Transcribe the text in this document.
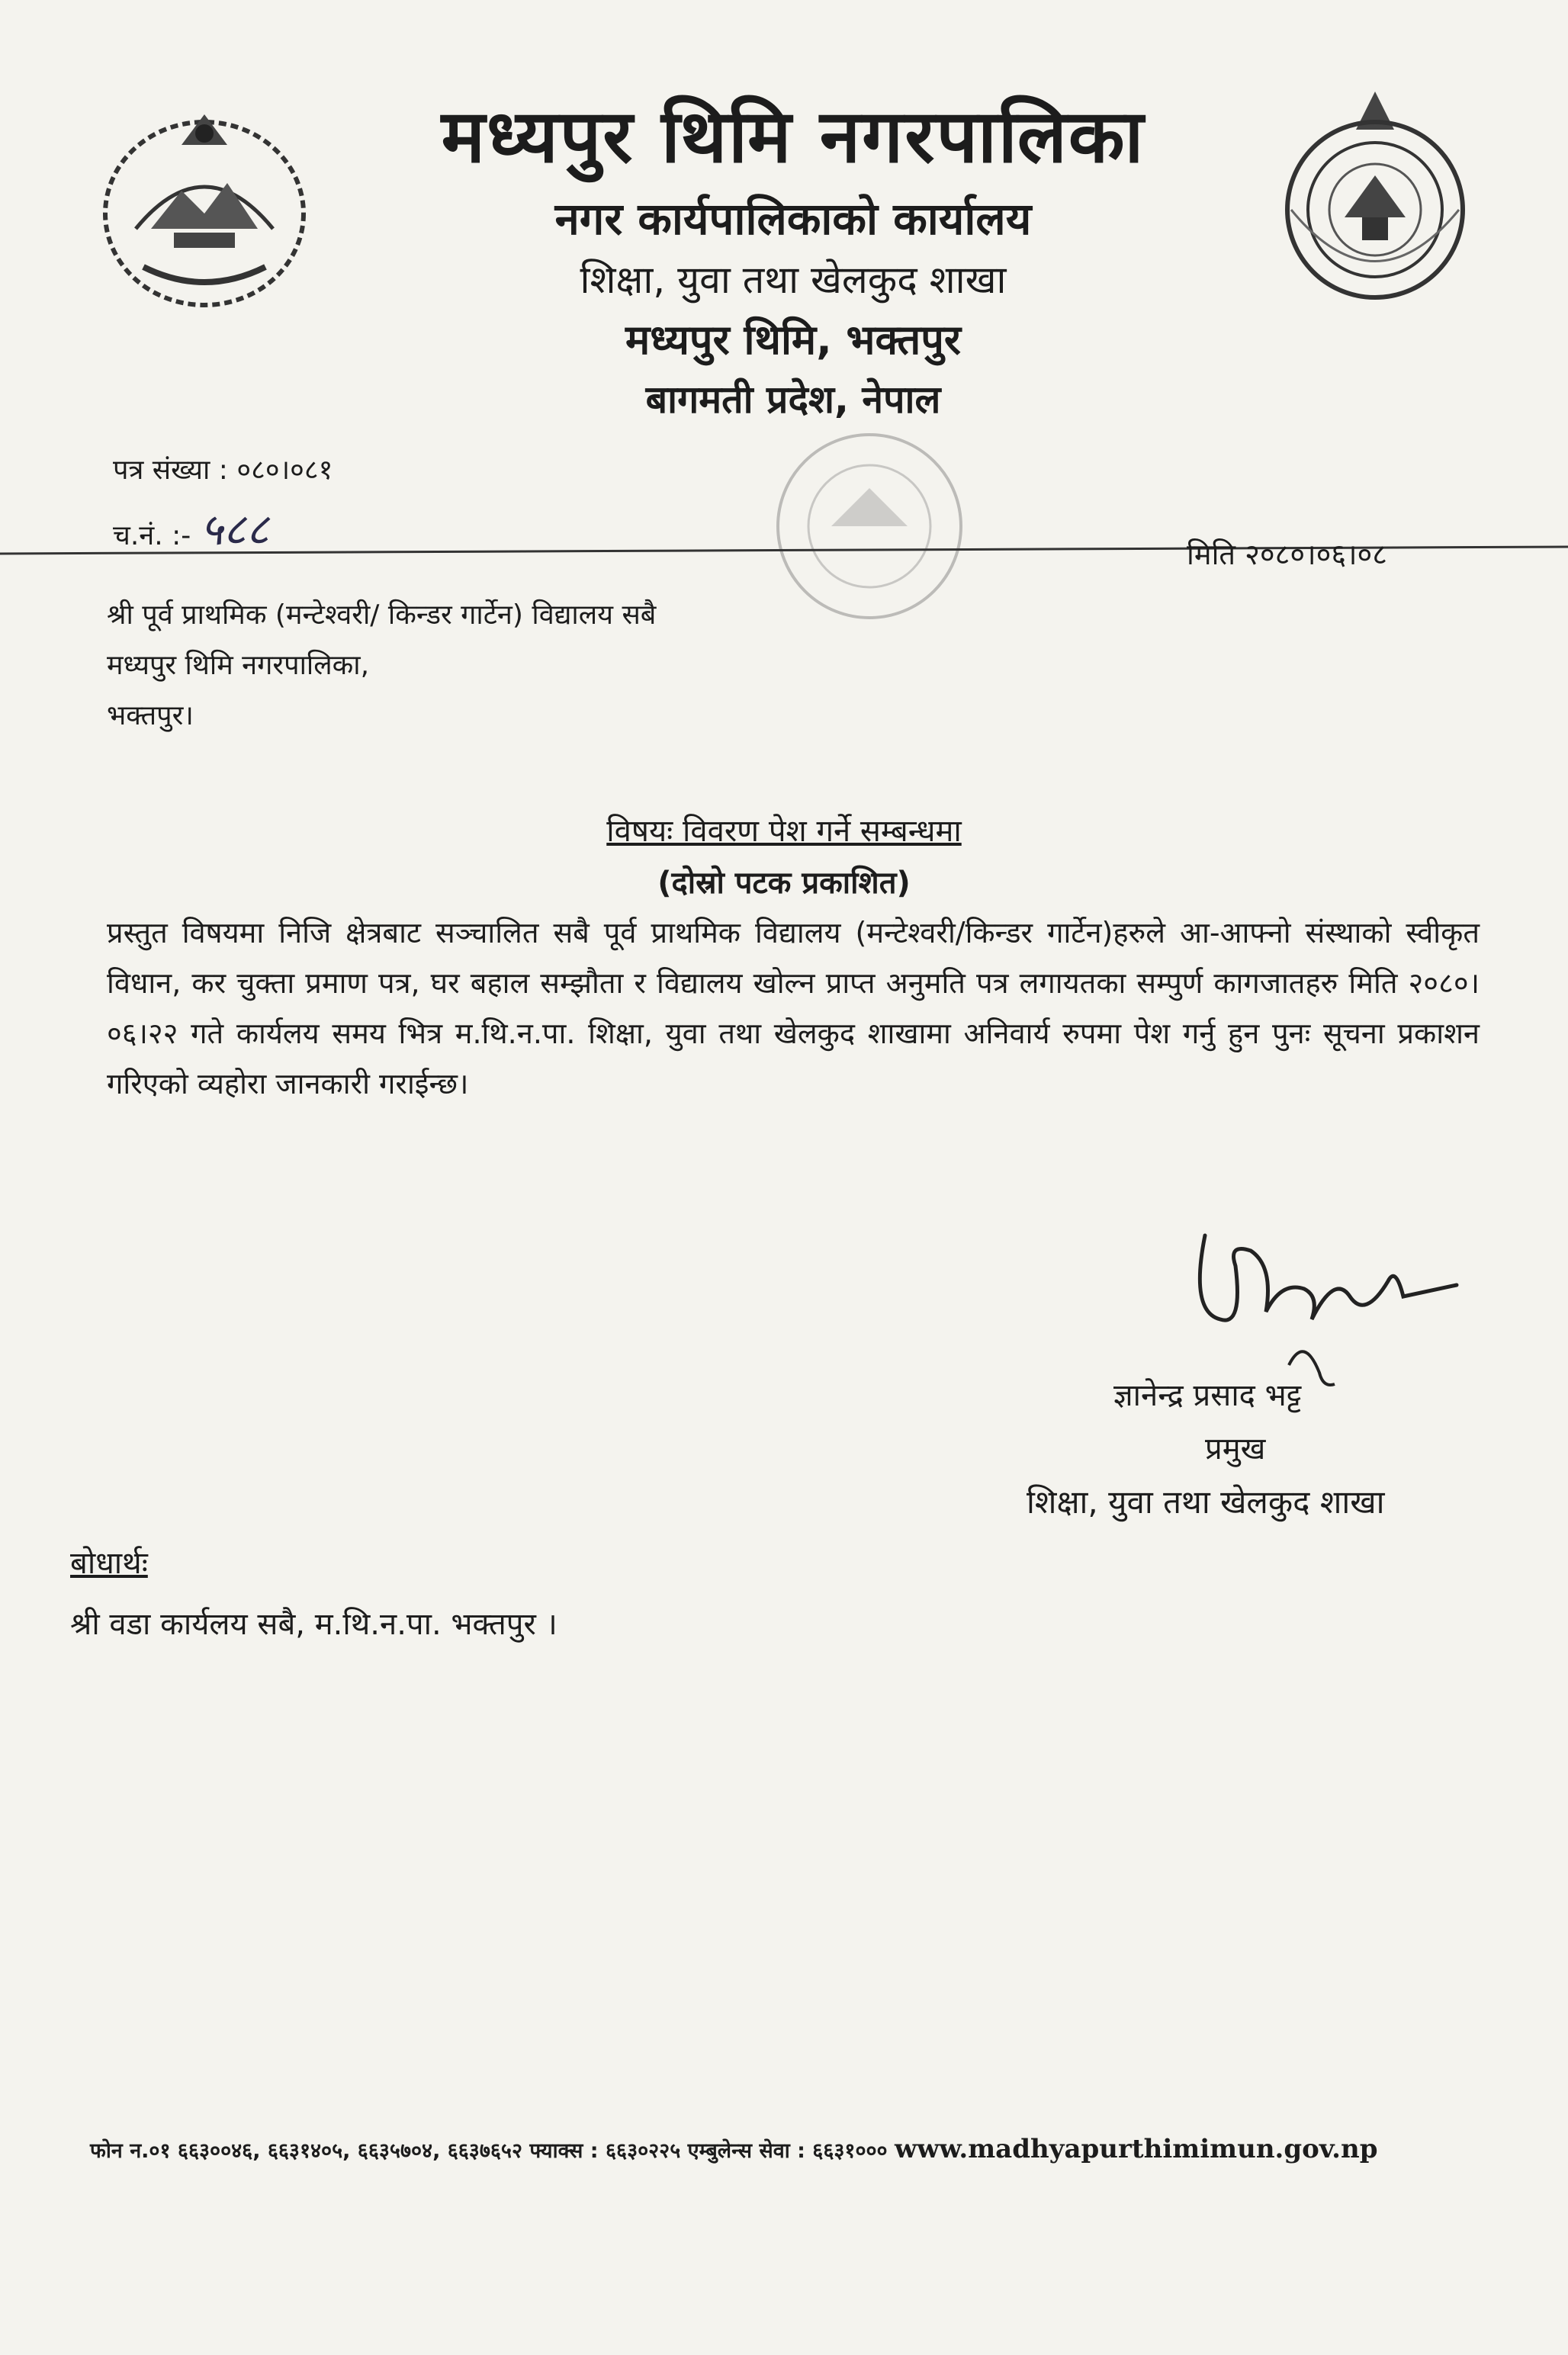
मध्यपुर थिमि नगरपालिका
नगर कार्यपालिकाको कार्यालय
शिक्षा, युवा तथा खेलकुद शाखा
मध्यपुर थिमि, भक्तपुर
बागमती प्रदेश, नेपाल
पत्र संख्या : ०८०।०८१
च.नं. :- ५८८	मिति २०८०।०६।०८
श्री पूर्व प्राथमिक (मन्टेश्वरी/ किन्डर गार्टेन) विद्यालय सबै
मध्यपुर थिमि नगरपालिका,
भक्तपुर।
विषयः विवरण पेश गर्ने सम्बन्धमा
(दोस्रो पटक प्रकाशित)
प्रस्तुत विषयमा निजि क्षेत्रबाट सञ्चालित सबै पूर्व प्राथमिक विद्यालय (मन्टेश्वरी/किन्डर गार्टेन)हरुले आ-आफ्नो संस्थाको स्वीकृत विधान, कर चुक्ता प्रमाण पत्र, घर बहाल सम्झौता र विद्यालय खोल्न प्राप्त अनुमति पत्र लगायतका सम्पुर्ण कागजातहरु मिति २०८०।०६।२२ गते कार्यलय समय भित्र म.थि.न.पा. शिक्षा, युवा तथा खेलकुद शाखामा अनिवार्य रुपमा पेश गर्नु हुन पुनः सूचना प्रकाशन गरिएको व्यहोरा जानकारी गराईन्छ।
ज्ञानेन्द्र प्रसाद भट्ट
प्रमुख
शिक्षा, युवा तथा खेलकुद शाखा
बोधार्थः
श्री वडा कार्यलय सबै, म.थि.न.पा. भक्तपुर ।
फोन न.०१ ६६३००४६, ६६३१४०५, ६६३५७०४, ६६३७६५२ फ्याक्स : ६६३०२२५ एम्बुलेन्स सेवा : ६६३१००० www.madhyapurthimimun.gov.np
